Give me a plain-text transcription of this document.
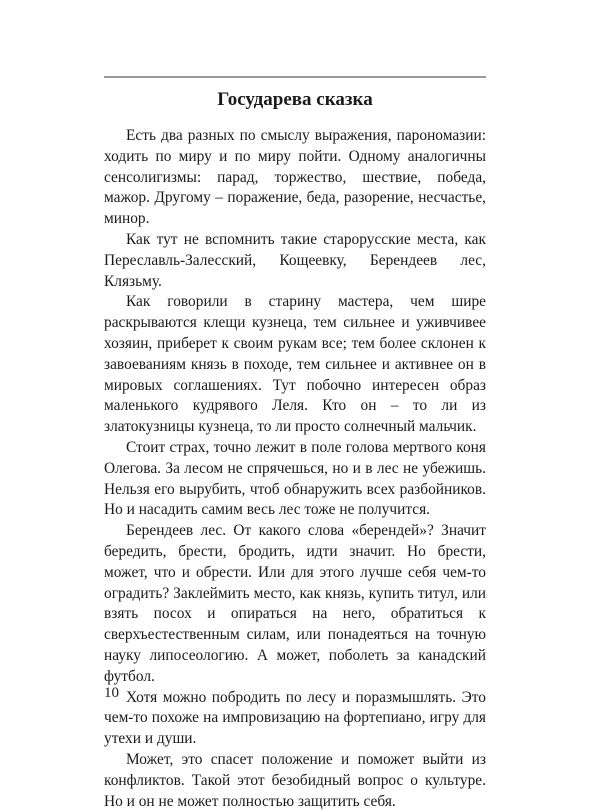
Государева сказка

Есть два разных по смыслу выражения, парономазии: ходить по миру и по миру пойти. Одному аналогичны сенсолигизмы: парад, торжество, шествие, победа, мажор. Другому – поражение, беда, разорение, несчастье, минор.

Как тут не вспомнить такие старорусские места, как Переславль-Залесский, Кощеевку, Берендеев лес, Клязьму.

Как говорили в старину мастера, чем шире раскрываются клещи кузнеца, тем сильнее и уживчивее хозяин, приберет к своим рукам все; тем более склонен к завоеваниям князь в походе, тем сильнее и активнее он в мировых соглашениях. Тут побочно интересен образ маленького кудрявого Леля. Кто он – то ли из златокузницы кузнеца, то ли просто солнечный мальчик.

Стоит страх, точно лежит в поле голова мертвого коня Олегова. За лесом не спрячешься, но и в лес не убежишь. Нельзя его вырубить, чтоб обнаружить всех разбойников. Но и насадить самим весь лес тоже не получится.

Берендеев лес. От какого слова «берендей»? Значит бередить, брести, бродить, идти значит. Но брести, может, что и обрести. Или для этого лучше себя чем-то оградить? Заклеймить место, как князь, купить титул, или взять посох и опираться на него, обратиться к сверхъестественным силам, или понадеяться на точную науку липосеологию. А может, поболеть за канадский футбол.

Хотя можно побродить по лесу и поразмышлять. Это чем-то похоже на импровизацию на фортепиано, игру для утехи и души.

Может, это спасет положение и поможет выйти из конфликтов. Такой этот безобидный вопрос о культуре. Но и он не может полностью защитить себя.

10
